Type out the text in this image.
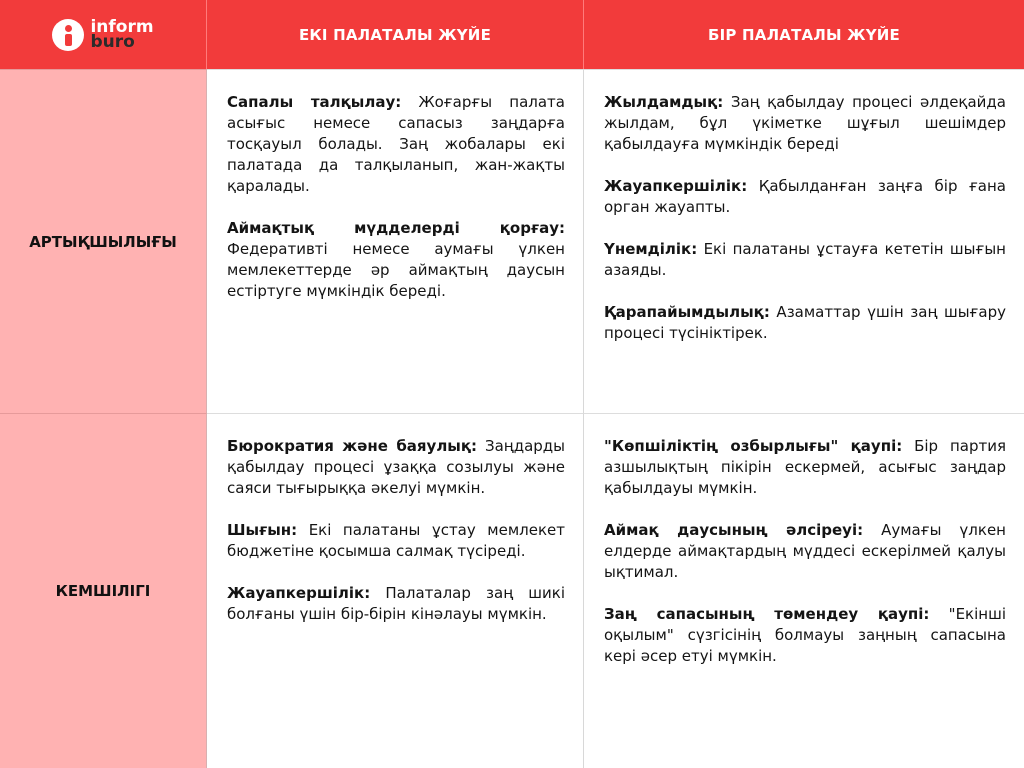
inform
buro	ЕКІ ПАЛАТАЛЫ ЖҮЙЕ	БІР ПАЛАТАЛЫ ЖҮЙЕ
АРТЫҚШЫЛЫҒЫ

Сапалы талқылау: Жоғарғы палата асығыс немесе сапасыз заңдарға тосқауыл болады. Заң жобалары екі палатада да талқыланып, жан-жақты қаралады.

Аймақтық мүдделерді қорғау: Федеративті немесе аумағы үлкен мемлекеттерде әр аймақтың даусын естіртуге мүмкіндік береді.

Жылдамдық: Заң қабылдау процесі әлдеқайда жылдам, бұл үкіметке шұғыл шешімдер қабылдауға мүмкіндік береді

Жауапкершілік: Қабылданған заңға бір ғана орган жауапты.

Үнемділік: Екі палатаны ұстауға кететін шығын азаяды.

Қарапайымдылық: Азаматтар үшін заң шығару процесі түсініктірек.

КЕМШІЛІГІ

Бюрократия және баяулық: Заңдарды қабылдау процесі ұзаққа созылуы және саяси тығырыққа әкелуі мүмкін.

Шығын: Екі палатаны ұстау мемлекет бюджетіне қосымша салмақ түсіреді.

Жауапкершілік: Палаталар заң шикі болғаны үшін бір-бірін кінәлауы мүмкін.

"Көпшіліктің озбырлығы" қаупі: Бір партия азшылықтың пікірін ескермей, асығыс заңдар қабылдауы мүмкін.

Аймақ даусының әлсіреуі: Аумағы үлкен елдерде аймақтардың мүддесі ескерілмей қалуы ықтимал.

Заң сапасының төмендеу қаупі: "Екінші оқылым" сүзгісінің болмауы заңның сапасына кері әсер етуі мүмкін.
